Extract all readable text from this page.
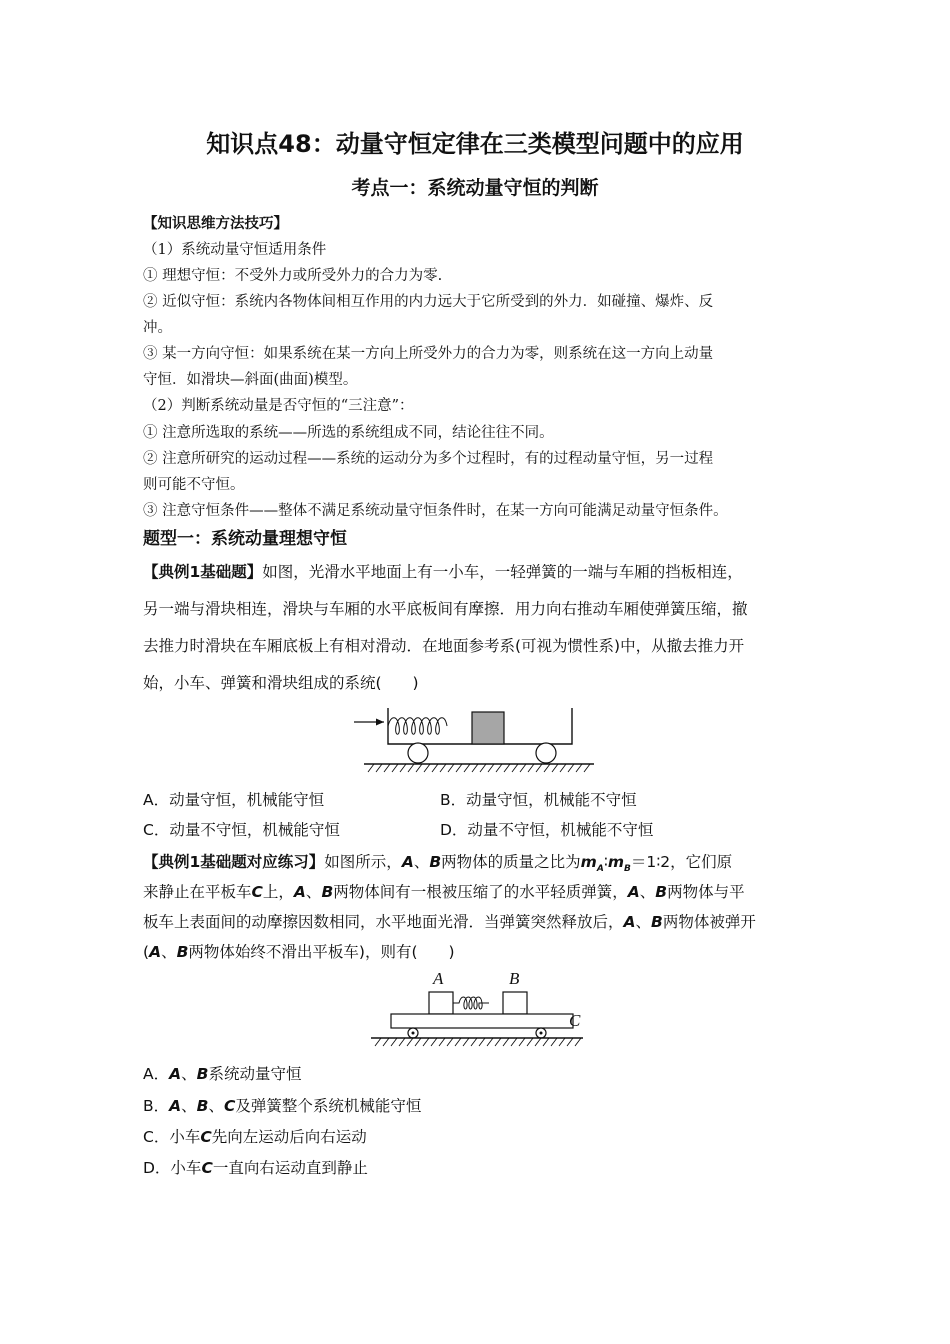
知识点48：动量守恒定律在三类模型问题中的应用
考点一：系统动量守恒的判断
【知识思维方法技巧】
（1）系统动量守恒适用条件
① 理想守恒：不受外力或所受外力的合力为零.
② 近似守恒：系统内各物体间相互作用的内力远大于它所受到的外力．如碰撞、爆炸、反
冲。
③ 某一方向守恒：如果系统在某一方向上所受外力的合力为零，则系统在这一方向上动量
守恒．如滑块—斜面(曲面)模型。
（2）判断系统动量是否守恒的“三注意”：
① 注意所选取的系统——所选的系统组成不同，结论往往不同。
② 注意所研究的运动过程——系统的运动分为多个过程时，有的过程动量守恒，另一过程
则可能不守恒。
③ 注意守恒条件——整体不满足系统动量守恒条件时，在某一方向可能满足动量守恒条件。
题型一：系统动量理想守恒
【典例1基础题】如图，光滑水平地面上有一小车，一轻弹簧的一端与车厢的挡板相连，
另一端与滑块相连，滑块与车厢的水平底板间有摩擦．用力向右推动车厢使弹簧压缩，撤
去推力时滑块在车厢底板上有相对滑动．在地面参考系(可视为惯性系)中，从撤去推力开
始，小车、弹簧和滑块组成的系统(　　)
A．动量守恒，机械能守恒	B．动量守恒，机械能不守恒
C．动量不守恒，机械能守恒	D．动量不守恒，机械能不守恒
【典例1基础题对应练习】如图所示，A、B两物体的质量之比为$m_A∶m_B=1∶2$，它们原
来静止在平板车C上，A、B两物体间有一根被压缩了的水平轻质弹簧，A、B两物体与平
板车上表面间的动摩擦因数相同，水平地面光滑．当弹簧突然释放后，A、B两物体被弹开
(A、B两物体始终不滑出平板车)，则有(　　)
A	B
C
A．A、B系统动量守恒
B．A、B、C及弹簧整个系统机械能守恒
C．小车C先向左运动后向右运动
D．小车C一直向右运动直到静止
